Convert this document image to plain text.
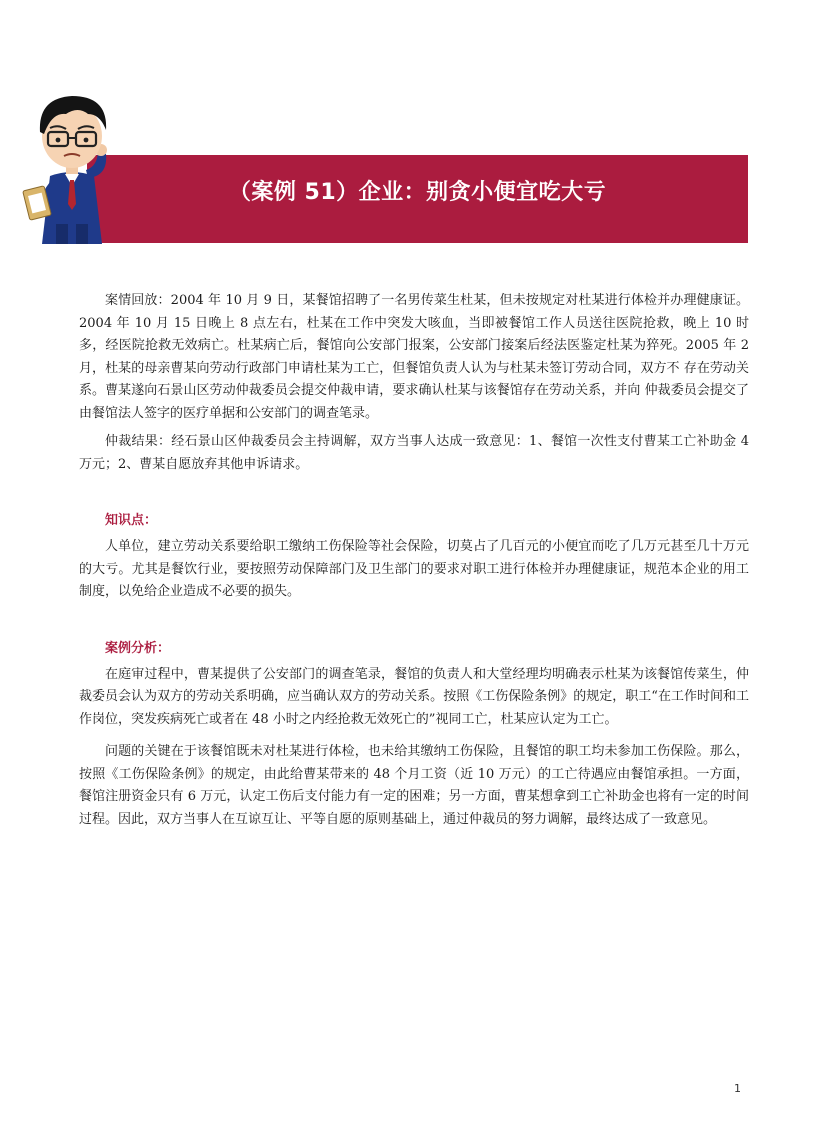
（案例 51）企业：别贪小便宜吃大亏

案情回放：2004 年 10 月 9 日，某餐馆招聘了一名男传菜生杜某，但未按规定对杜某进行体检并办理健康证。2004 年 10 月 15 日晚上 8 点左右，杜某在工作中突发大咳血，当即被餐馆工作人员送往医院抢救，晚上 10 时 多，经医院抢救无效病亡。杜某病亡后，餐馆向公安部门报案，公安部门接案后经法医鉴定杜某为猝死。2005 年 2 月，杜某的母亲曹某向劳动行政部门申请杜某为工亡，但餐馆负责人认为与杜某未签订劳动合同，双方不 存在劳动关系。曹某遂向石景山区劳动仲裁委员会提交仲裁申请，要求确认杜某与该餐馆存在劳动关系，并向 仲裁委员会提交了由餐馆法人签字的医疗单据和公安部门的调查笔录。

仲裁结果：经石景山区仲裁委员会主持调解，双方当事人达成一致意见：1、餐馆一次性支付曹某工亡补助金 4 万元；2、曹某自愿放弃其他申诉请求。

知识点：

人单位，建立劳动关系要给职工缴纳工伤保险等社会保险，切莫占了几百元的小便宜而吃了几万元甚至几十万元的大亏。尤其是餐饮行业，要按照劳动保障部门及卫生部门的要求对职工进行体检并办理健康证，规范本企业的用工制度，以免给企业造成不必要的损失。

案例分析：

在庭审过程中，曹某提供了公安部门的调查笔录，餐馆的负责人和大堂经理均明确表示杜某为该餐馆传菜生，仲裁委员会认为双方的劳动关系明确，应当确认双方的劳动关系。按照《工伤保险条例》的规定，职工“在工作时间和工作岗位，突发疾病死亡或者在 48 小时之内经抢救无效死亡的”视同工亡，杜某应认定为工亡。

问题的关键在于该餐馆既未对杜某进行体检，也未给其缴纳工伤保险，且餐馆的职工均未参加工伤保险。那么，按照《工伤保险条例》的规定，由此给曹某带来的 48 个月工资（近 10 万元）的工亡待遇应由餐馆承担。一方面，餐馆注册资金只有 6 万元，认定工伤后支付能力有一定的困难；另一方面，曹某想拿到工亡补助金也将有一定的时间过程。因此，双方当事人在互谅互让、平等自愿的原则基础上，通过仲裁员的努力调解，最终达成了一致意见。

1
